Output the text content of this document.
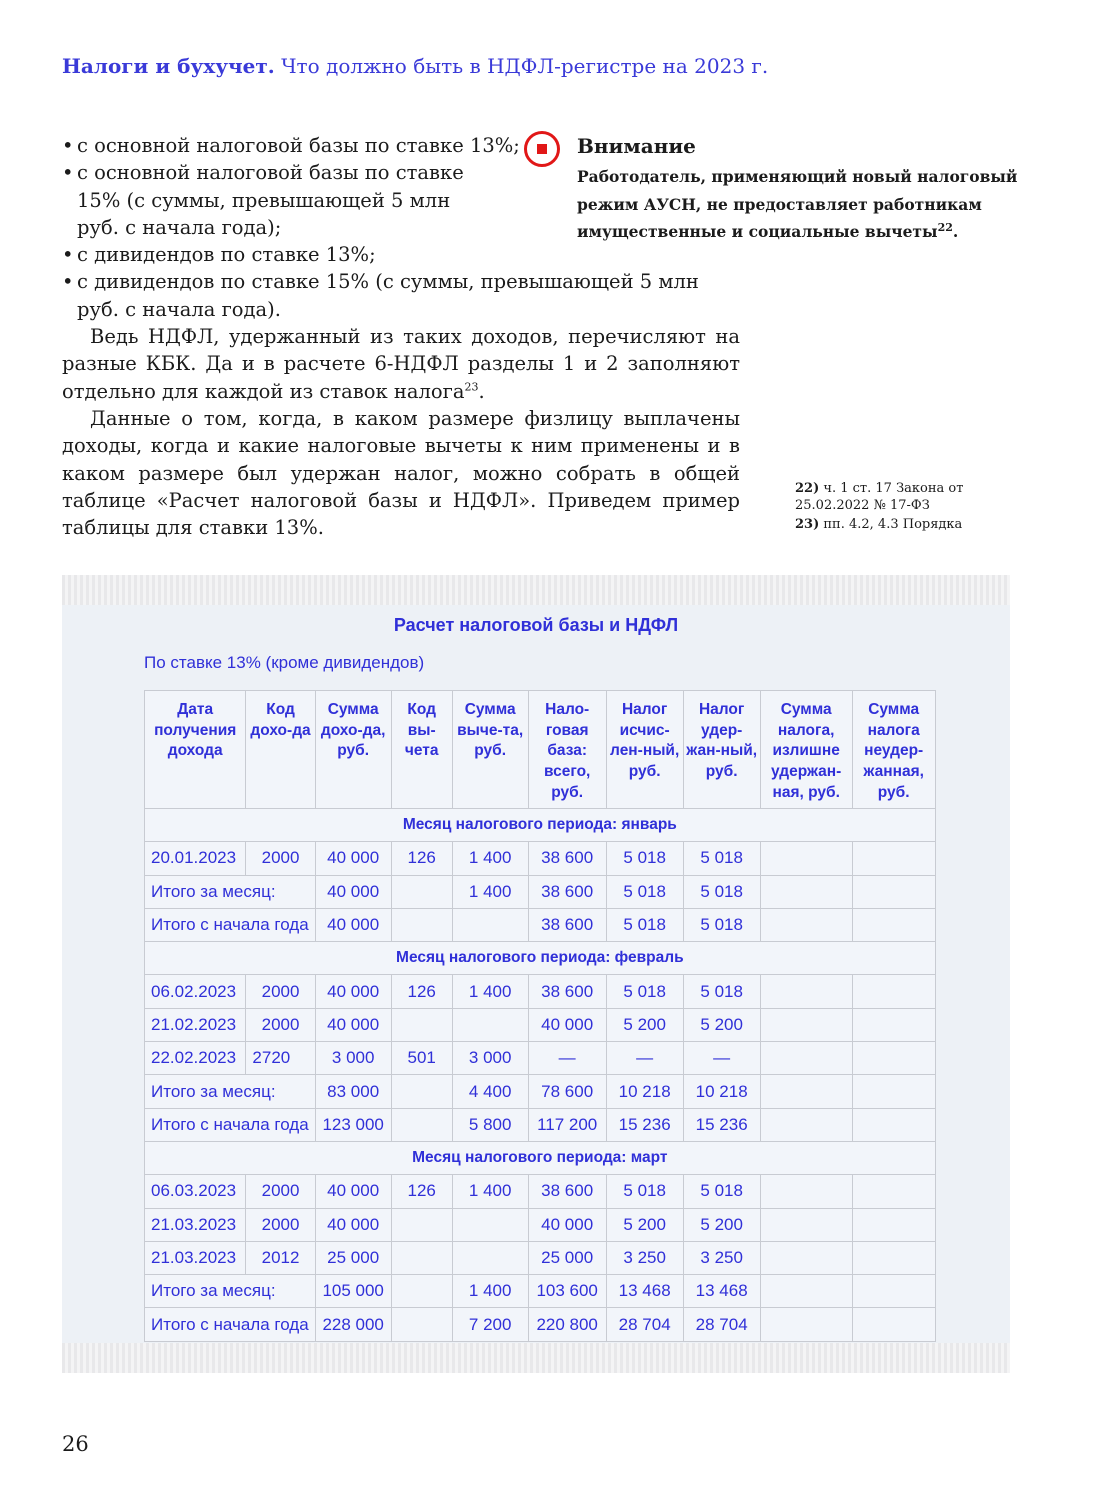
Налоги и бухучет. Что должно быть в НДФЛ-регистре на 2023 г.
• с основной налоговой базы по ставке 13%;
• с основной налоговой базы по ставке 15% (с суммы, превышающей 5 млн руб. с начала года);
• с дивидендов по ставке 13%;
• с дивидендов по ставке 15% (с суммы, превышающей 5 млн руб. с начала года).

Ведь НДФЛ, удержанный из таких доходов, перечисляют на разные КБК. Да и в расчете 6-НДФЛ разделы 1 и 2 заполняют отдельно для каждой из ставок налога$^{23}$.

Данные о том, когда, в каком размере физлицу выплачены доходы, когда и какие налоговые вычеты к ним применены и в каком размере был удержан налог, можно собрать в общей таблице «Расчет налоговой базы и НДФЛ». Приведем пример таблицы для ставки 13%.

Внимание
Работодатель, применяющий новый налоговый режим АУСН, не предоставляет работникам имущественные и социальные вычеты$^{22}$.
22) ч. 1 ст. 17 Закона от 25.02.2022 № 17-ФЗ
23) пп. 4.2, 4.3 Порядка
Расчет налоговой базы и НДФЛ
По ставке 13% (кроме дивидендов)
Дата получения дохода	Код дохо-да	Сумма дохо-да, руб.	Код вы-чета	Сумма выче-та, руб.	Нало-говая база: всего, руб.	Налог исчис-лен-ный, руб.	Налог удер-жан-ный, руб.	Сумма налога, излишне удержан-ная, руб.	Сумма налога неудер-жанная, руб.
Месяц налогового периода: январь									
20.01.2023	2000	40 000	126	1 400	38 600	5 018	5 018		
Итого за месяц:		40 000		1 400	38 600	5 018	5 018		
Итого с начала года		40 000			38 600	5 018	5 018		
Месяц налогового периода: февраль									
06.02.2023	2000	40 000	126	1 400	38 600	5 018	5 018		
21.02.2023	2000	40 000			40 000	5 200	5 200		
22.02.2023	2720	3 000	501	3 000	—	—	—		
Итого за месяц:		83 000		4 400	78 600	10 218	10 218		
Итого с начала года		123 000		5 800	117 200	15 236	15 236		
Месяц налогового периода: март									
06.03.2023	2000	40 000	126	1 400	38 600	5 018	5 018		
21.03.2023	2000	40 000			40 000	5 200	5 200		
21.03.2023	2012	25 000			25 000	3 250	3 250		
Итого за месяц:		105 000		1 400	103 600	13 468	13 468		
Итого с начала года		228 000		7 200	220 800	28 704	28 704		
26
